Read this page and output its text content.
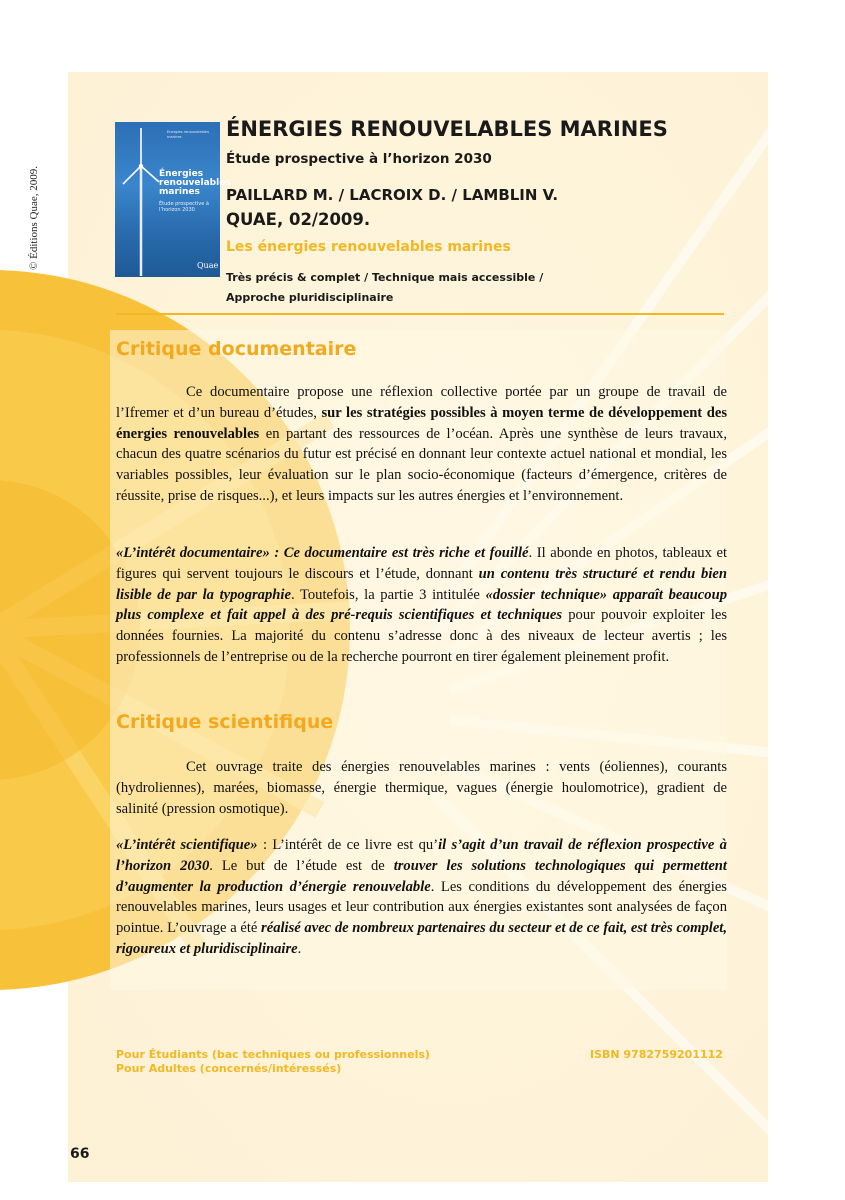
© Éditions Quae, 2009.
Energies renouvelables marines
Énergies renouvelables marines
Étude prospective à l’horizon 2030
Quae
ÉNERGIES RENOUVELABLES MARINES
Étude prospective à l’horizon 2030
PAILLARD M. / LACROIX D. / LAMBLIN V.
QUAE, 02/2009.
Les énergies renouvelables marines
Très précis & complet / Technique mais accessible /
Approche pluridisciplinaire
Critique documentaire

Ce documentaire propose une réflexion collective portée par un groupe de travail de l’Ifremer et d’un bureau d’études, sur les stratégies possibles à moyen terme de développement des énergies renouvelables en partant des ressources de l’océan. Après une synthèse de leurs travaux, chacun des quatre scénarios du futur est précisé en donnant leur contexte actuel national et mondial, les variables possibles, leur évaluation sur le plan socio-économique (facteurs d’émergence, critères de réussite, prise de risques...), et leurs impacts sur les autres énergies et l’environnement.

«L’intérêt documentaire» : Ce documentaire est très riche et fouillé. Il abonde en photos, tableaux et figures qui servent toujours le discours et l’étude, donnant un contenu très structuré et rendu bien lisible de par la typographie. Toutefois, la partie 3 intitulée «dossier technique» apparaît beaucoup plus complexe et fait appel à des pré-requis scientifiques et techniques pour pouvoir exploiter les données fournies. La majorité du contenu s’adresse donc à des niveaux de lecteur avertis ; les professionnels de l’entreprise ou de la recherche pourront en tirer également pleinement profit.

Critique scientifique

Cet ouvrage traite des énergies renouvelables marines : vents (éoliennes), courants (hydroliennes), marées, biomasse, énergie thermique, vagues (énergie houlomotrice), gradient de salinité (pression osmotique).

«L’intérêt scientifique» : L’intérêt de ce livre est qu’il s’agit d’un travail de réflexion prospective à l’horizon 2030. Le but de l’étude est de trouver les solutions technologiques qui permettent d’augmenter la production d’énergie renouvelable. Les conditions du développement des énergies renouvelables marines, leurs usages et leur contribution aux énergies existantes sont analysées de façon pointue. L’ouvrage a été réalisé avec de nombreux partenaires du secteur et de ce fait, est très complet, rigoureux et pluridisciplinaire.

Pour Étudiants (bac techniques ou professionnels)
Pour Adultes (concernés/intéressés)
ISBN 9782759201112
66
